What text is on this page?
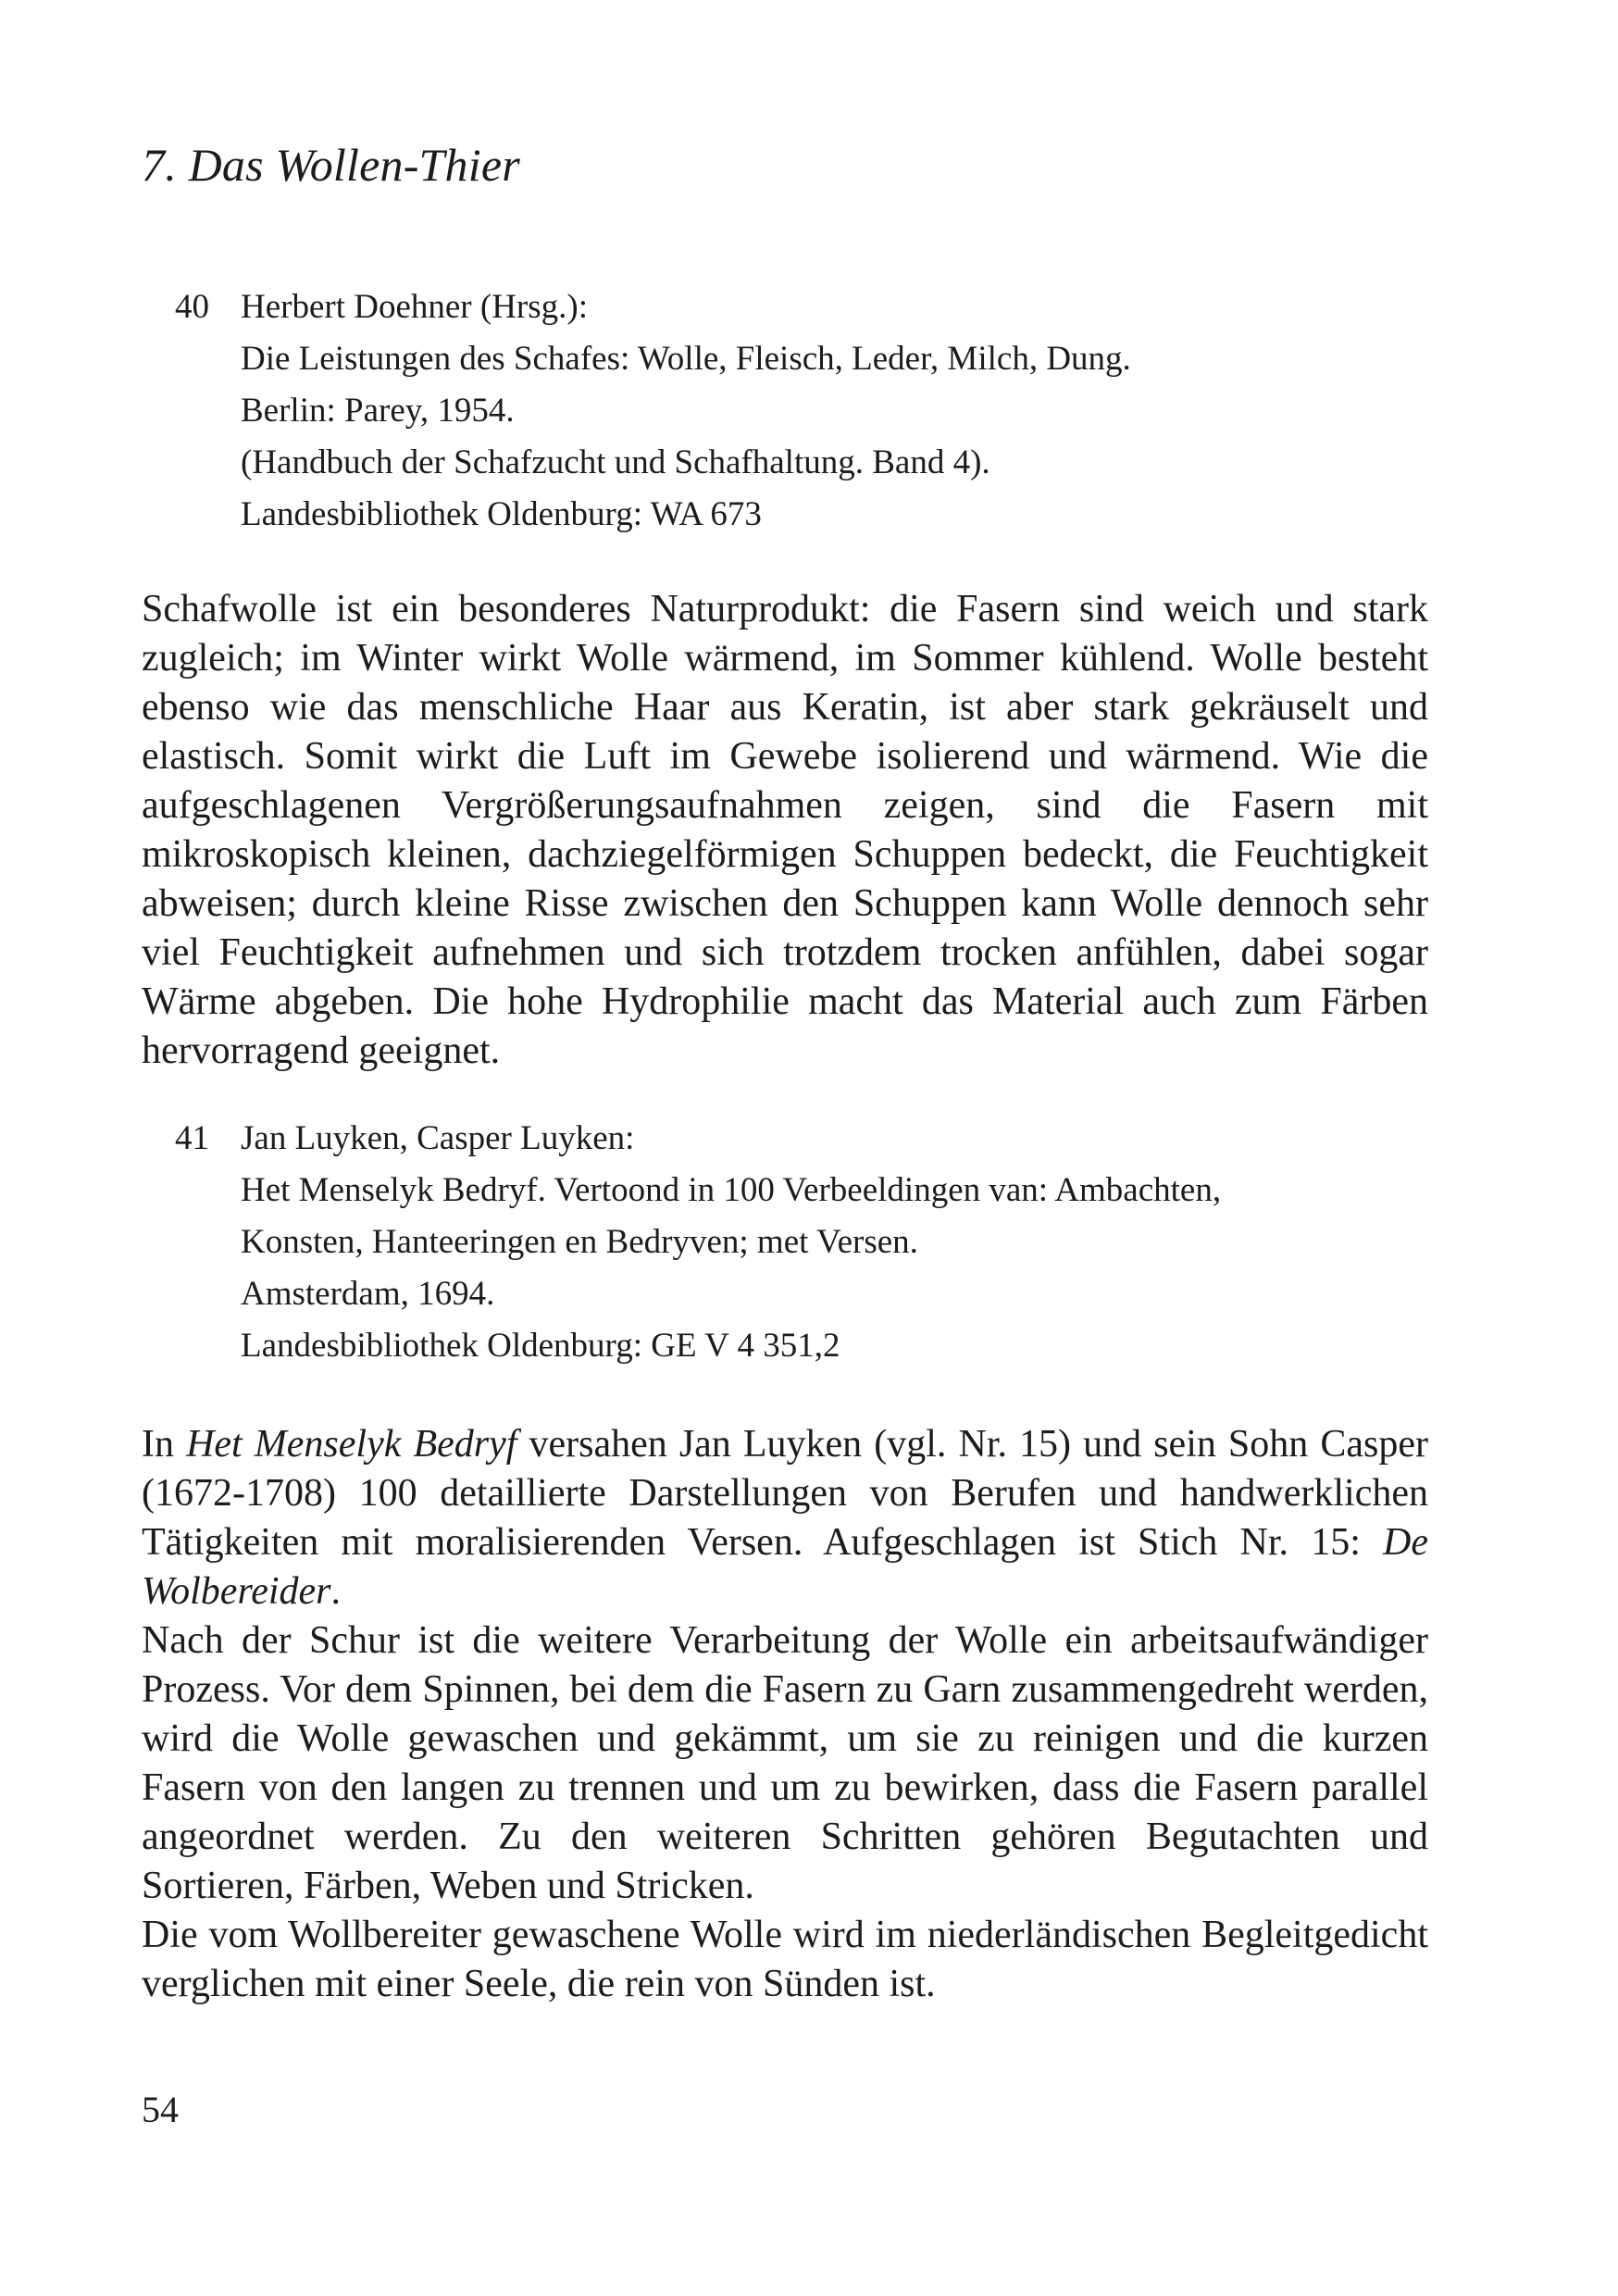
7. Das Wollen-Thier
40 Herbert Doehner (Hrsg.):
Die Leistungen des Schafes: Wolle, Fleisch, Leder, Milch, Dung.
Berlin: Parey, 1954.
(Handbuch der Schafzucht und Schafhaltung. Band 4).
Landesbibliothek Oldenburg: WA 673

Schafwolle ist ein besonderes Naturprodukt: die Fasern sind weich und stark zugleich; im Winter wirkt Wolle wärmend, im Sommer kühlend. Wolle besteht ebenso wie das menschliche Haar aus Keratin, ist aber stark gekräuselt und elastisch. Somit wirkt die Luft im Gewebe isolierend und wärmend. Wie die aufgeschlagenen Vergrößerungsaufnahmen zeigen, sind die Fasern mit mikroskopisch kleinen, dachziegelförmigen Schuppen bedeckt, die Feuchtigkeit abweisen; durch kleine Risse zwischen den Schuppen kann Wolle dennoch sehr viel Feuchtigkeit aufnehmen und sich trotzdem trocken anfühlen, dabei sogar Wärme abgeben. Die hohe Hydrophilie macht das Material auch zum Färben hervorragend geeignet.

41 Jan Luyken, Casper Luyken:
Het Menselyk Bedryf. Vertoond in 100 Verbeeldingen van: Ambachten,
Konsten, Hanteeringen en Bedryven; met Versen.
Amsterdam, 1694.
Landesbibliothek Oldenburg: GE V 4 351,2

In Het Menselyk Bedryf versahen Jan Luyken (vgl. Nr. 15) und sein Sohn Casper (1672-1708) 100 detaillierte Darstellungen von Berufen und handwerklichen Tätigkeiten mit moralisierenden Versen. Aufgeschlagen ist Stich Nr. 15: De Wolbereider.

Nach der Schur ist die weitere Verarbeitung der Wolle ein arbeitsaufwändiger Prozess. Vor dem Spinnen, bei dem die Fasern zu Garn zusammengedreht werden, wird die Wolle gewaschen und gekämmt, um sie zu reinigen und die kurzen Fasern von den langen zu trennen und um zu bewirken, dass die Fasern parallel angeordnet werden. Zu den weiteren Schritten gehören Begutachten und Sortieren, Färben, Weben und Stricken.

Die vom Wollbereiter gewaschene Wolle wird im niederländischen Begleitgedicht verglichen mit einer Seele, die rein von Sünden ist.

54
